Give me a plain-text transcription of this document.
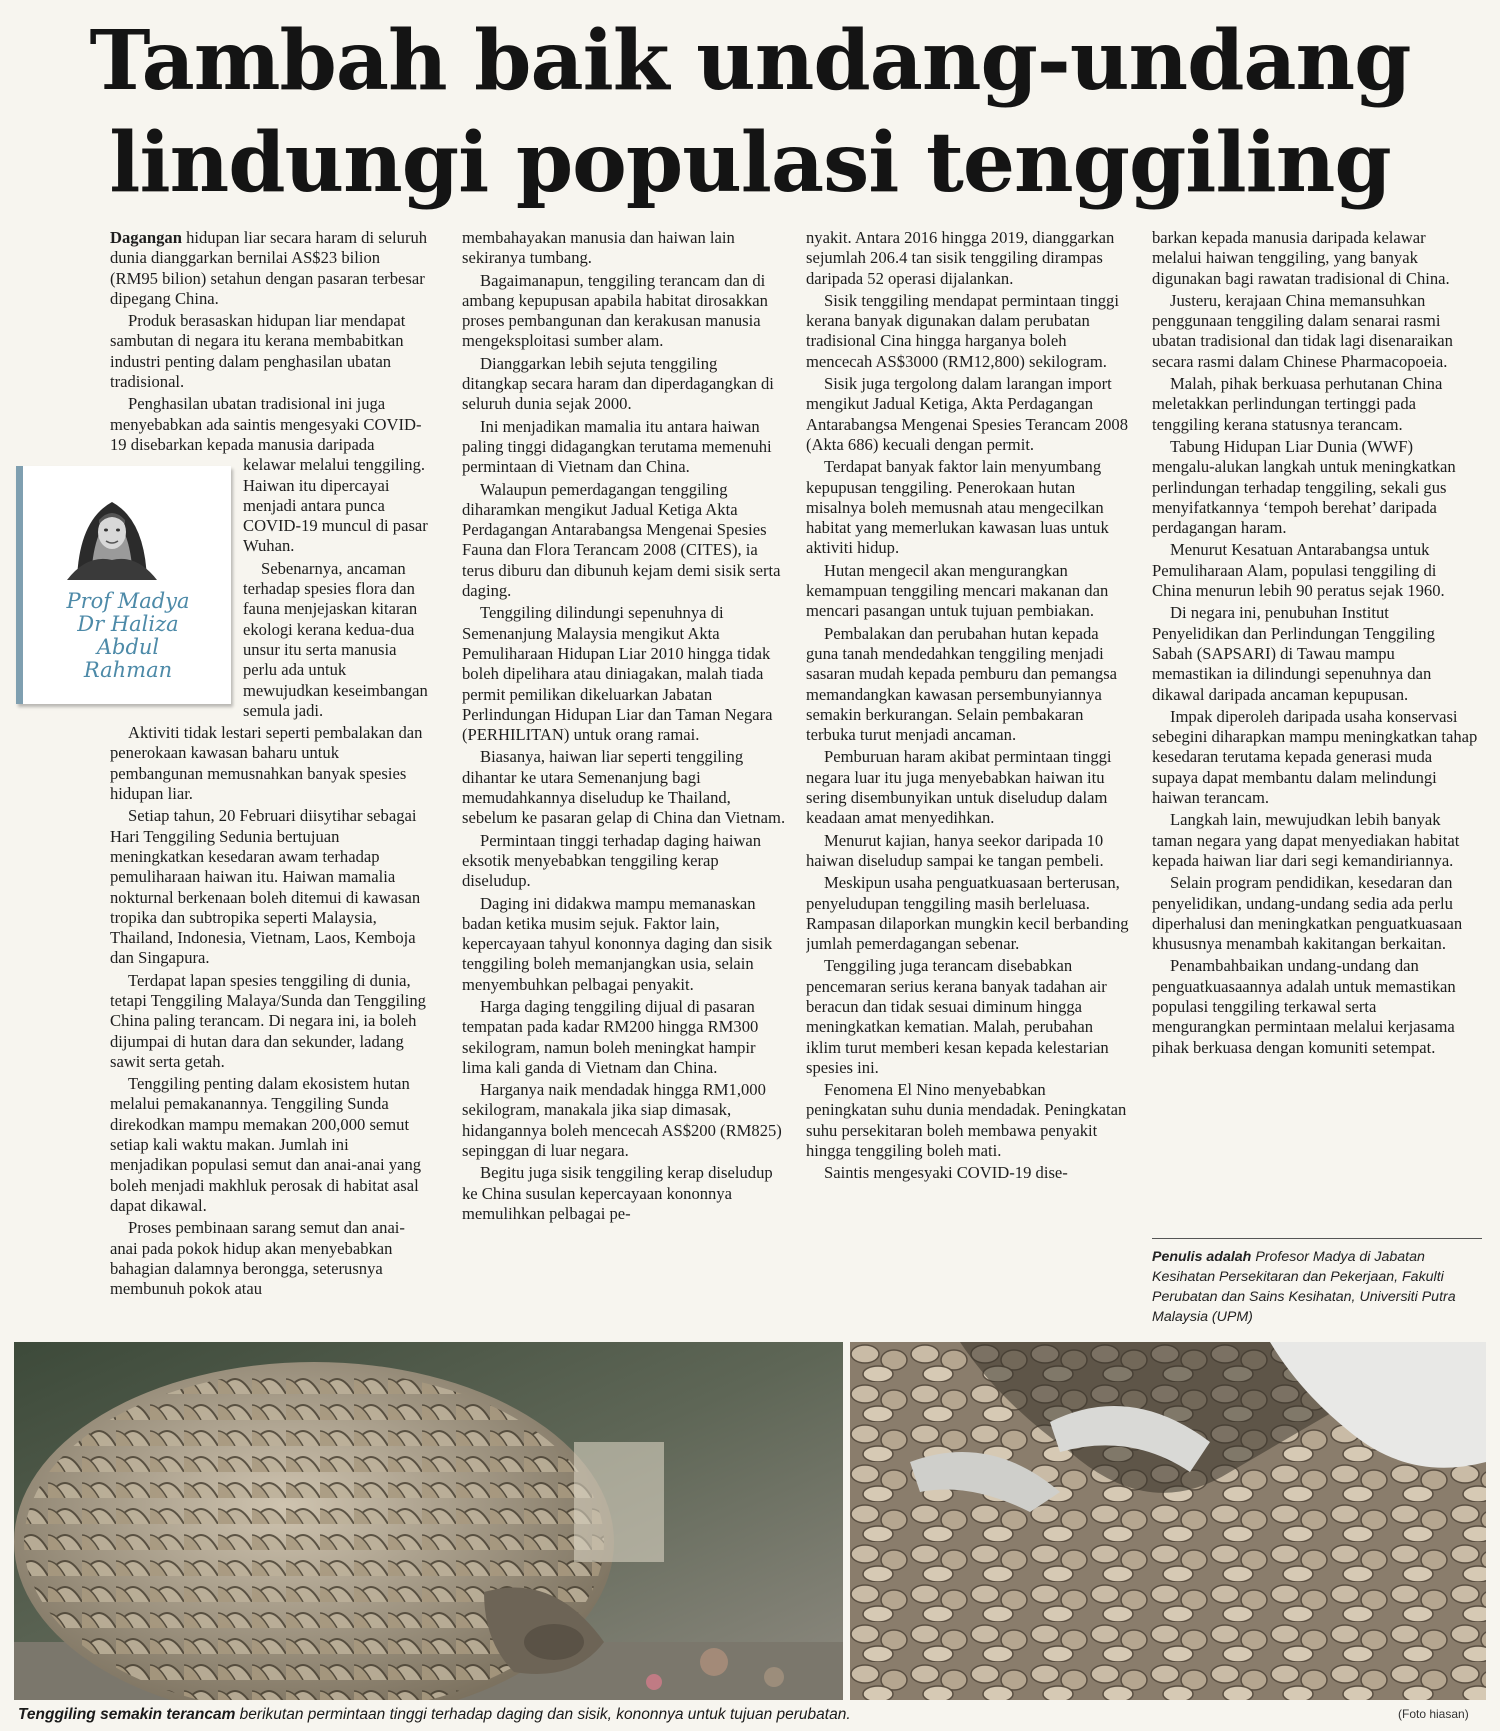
Tambah baik undang-undang
lindungi populasi tenggiling

Dagangan hidupan liar secara haram di seluruh dunia dianggarkan bernilai AS$23 bilion (RM95 bilion) setahun dengan pasaran terbesar dipegang China.

Produk berasaskan hidupan liar mendapat sambutan di negara itu kerana membabitkan industri penting dalam penghasilan ubatan tradisional.

Penghasilan ubatan tradisional ini juga menyebabkan ada saintis mengesyaki COVID-19 disebarkan kepada manusia daripada kelawar melalui tenggiling. Haiwan itu dipercayai menjadi antara punca COVID-19 muncul di pasar Wuhan.

Sebenarnya, ancaman terhadap spesies flora dan fauna menjejaskan kitaran ekologi kerana kedua-dua unsur itu serta manusia perlu ada untuk mewujudkan keseimbangan semula jadi.

Aktiviti tidak lestari seperti pembalakan dan penerokaan kawasan baharu untuk pembangunan memusnahkan banyak spesies hidupan liar.

Setiap tahun, 20 Februari diisytihar sebagai Hari Tenggiling Sedunia bertujuan meningkatkan kesedaran awam terhadap pemuliharaan haiwan itu. Haiwan mamalia nokturnal berkenaan boleh ditemui di kawasan tropika dan subtropika seperti Malaysia, Thailand, Indonesia, Vietnam, Laos, Kemboja dan Singapura.

Terdapat lapan spesies tenggiling di dunia, tetapi Tenggiling Malaya/Sunda dan Tenggiling China paling terancam. Di negara ini, ia boleh dijumpai di hutan dara dan sekunder, ladang sawit serta getah.

Tenggiling penting dalam ekosistem hutan melalui pemakanannya. Tenggiling Sunda direkodkan mampu memakan 200,000 semut setiap kali waktu makan. Jumlah ini menjadikan populasi semut dan anai-anai yang boleh menjadi makhluk perosak di habitat asal dapat dikawal.

Proses pembinaan sarang semut dan anai-anai pada pokok hidup akan menyebabkan bahagian dalamnya berongga, seterusnya membunuh pokok atau

Prof Madya
Dr Haliza
Abdul
Rahman

membahayakan manusia dan haiwan lain sekiranya tumbang.

Bagaimanapun, tenggiling terancam dan di ambang kepupusan apabila habitat dirosakkan proses pembangunan dan kerakusan manusia mengeksploitasi sumber alam.

Dianggarkan lebih sejuta tenggiling ditangkap secara haram dan diperdagangkan di seluruh dunia sejak 2000.

Ini menjadikan mamalia itu antara haiwan paling tinggi didagangkan terutama memenuhi permintaan di Vietnam dan China.

Walaupun pemerdagangan tenggiling diharamkan mengikut Jadual Ketiga Akta Perdagangan Antarabangsa Mengenai Spesies Fauna dan Flora Terancam 2008 (CITES), ia terus diburu dan dibunuh kejam demi sisik serta daging.

Tenggiling dilindungi sepenuhnya di Semenanjung Malaysia mengikut Akta Pemuliharaan Hidupan Liar 2010 hingga tidak boleh dipelihara atau diniagakan, malah tiada permit pemilikan dikeluarkan Jabatan Perlindungan Hidupan Liar dan Taman Negara (PERHILITAN) untuk orang ramai.

Biasanya, haiwan liar seperti tenggiling dihantar ke utara Semenanjung bagi memudahkannya diseludup ke Thailand, sebelum ke pasaran gelap di China dan Vietnam.

Permintaan tinggi terhadap daging haiwan eksotik menyebabkan tenggiling kerap diseludup.

Daging ini didakwa mampu memanaskan badan ketika musim sejuk. Faktor lain, kepercayaan tahyul kononnya daging dan sisik tenggiling boleh memanjangkan usia, selain menyembuhkan pelbagai penyakit.

Harga daging tenggiling dijual di pasaran tempatan pada kadar RM200 hingga RM300 sekilogram, namun boleh meningkat hampir lima kali ganda di Vietnam dan China.

Harganya naik mendadak hingga RM1,000 sekilogram, manakala jika siap dimasak, hidangannya boleh mencecah AS$200 (RM825) sepinggan di luar negara.

Begitu juga sisik tenggiling kerap diseludup ke China susulan kepercayaan kononnya memulihkan pelbagai pe-

nyakit. Antara 2016 hingga 2019, dianggarkan sejumlah 206.4 tan sisik tenggiling dirampas daripada 52 operasi dijalankan.

Sisik tenggiling mendapat permintaan tinggi kerana banyak digunakan dalam perubatan tradisional Cina hingga harganya boleh mencecah AS$3000 (RM12,800) sekilogram.

Sisik juga tergolong dalam larangan import mengikut Jadual Ketiga, Akta Perdagangan Antarabangsa Mengenai Spesies Terancam 2008 (Akta 686) kecuali dengan permit.

Terdapat banyak faktor lain menyumbang kepupusan tenggiling. Penerokaan hutan misalnya boleh memusnah atau mengecilkan habitat yang memerlukan kawasan luas untuk aktiviti hidup.

Hutan mengecil akan mengurangkan kemampuan tenggiling mencari makanan dan mencari pasangan untuk tujuan pembiakan.

Pembalakan dan perubahan hutan kepada guna tanah mendedahkan tenggiling menjadi sasaran mudah kepada pemburu dan pemangsa memandangkan kawasan persembunyiannya semakin berkurangan. Selain pembakaran terbuka turut menjadi ancaman.

Pemburuan haram akibat permintaan tinggi negara luar itu juga menyebabkan haiwan itu sering disembunyikan untuk diseludup dalam keadaan amat menyedihkan.

Menurut kajian, hanya seekor daripada 10 haiwan diseludup sampai ke tangan pembeli.

Meskipun usaha penguatkuasaan berterusan, penyeludupan tenggiling masih berleluasa. Rampasan dilaporkan mungkin kecil berbanding jumlah pemerdagangan sebenar.

Tenggiling juga terancam disebabkan pencemaran serius kerana banyak tadahan air beracun dan tidak sesuai diminum hingga meningkatkan kematian. Malah, perubahan iklim turut memberi kesan kepada kelestarian spesies ini.

Fenomena El Nino menyebabkan peningkatan suhu dunia mendadak. Peningkatan suhu persekitaran boleh membawa penyakit hingga tenggiling boleh mati.

Saintis mengesyaki COVID-19 dise-

barkan kepada manusia daripada kelawar melalui haiwan tenggiling, yang banyak digunakan bagi rawatan tradisional di China.

Justeru, kerajaan China memansuhkan penggunaan tenggiling dalam senarai rasmi ubatan tradisional dan tidak lagi disenaraikan secara rasmi dalam Chinese Pharmacopoeia.

Malah, pihak berkuasa perhutanan China meletakkan perlindungan tertinggi pada tenggiling kerana statusnya terancam.

Tabung Hidupan Liar Dunia (WWF) mengalu-alukan langkah untuk meningkatkan perlindungan terhadap tenggiling, sekali gus menyifatkannya ‘tempoh berehat’ daripada perdagangan haram.

Menurut Kesatuan Antarabangsa untuk Pemuliharaan Alam, populasi tenggiling di China menurun lebih 90 peratus sejak 1960.

Di negara ini, penubuhan Institut Penyelidikan dan Perlindungan Tenggiling Sabah (SAPSARI) di Tawau mampu memastikan ia dilindungi sepenuhnya dan dikawal daripada ancaman kepupusan.

Impak diperoleh daripada usaha konservasi sebegini diharapkan mampu meningkatkan tahap kesedaran terutama kepada generasi muda supaya dapat membantu dalam melindungi haiwan terancam.

Langkah lain, mewujudkan lebih banyak taman negara yang dapat menyediakan habitat kepada haiwan liar dari segi kemandiriannya.

Selain program pendidikan, kesedaran dan penyelidikan, undang-undang sedia ada perlu diperhalusi dan meningkatkan penguatkuasaan khususnya menambah kakitangan berkaitan.

Penambahbaikan undang-undang dan penguatkuasaannya adalah untuk memastikan populasi tenggiling terkawal serta mengurangkan permintaan melalui kerjasama pihak berkuasa dengan komuniti setempat.

Penulis adalah Profesor Madya di Jabatan Kesihatan Persekitaran dan Pekerjaan, Fakulti Perubatan dan Sains Kesihatan, Universiti Putra Malaysia (UPM)
Tenggiling semakin terancam berikutan permintaan tinggi terhadap daging dan sisik, kononnya untuk tujuan perubatan.	(Foto hiasan)
